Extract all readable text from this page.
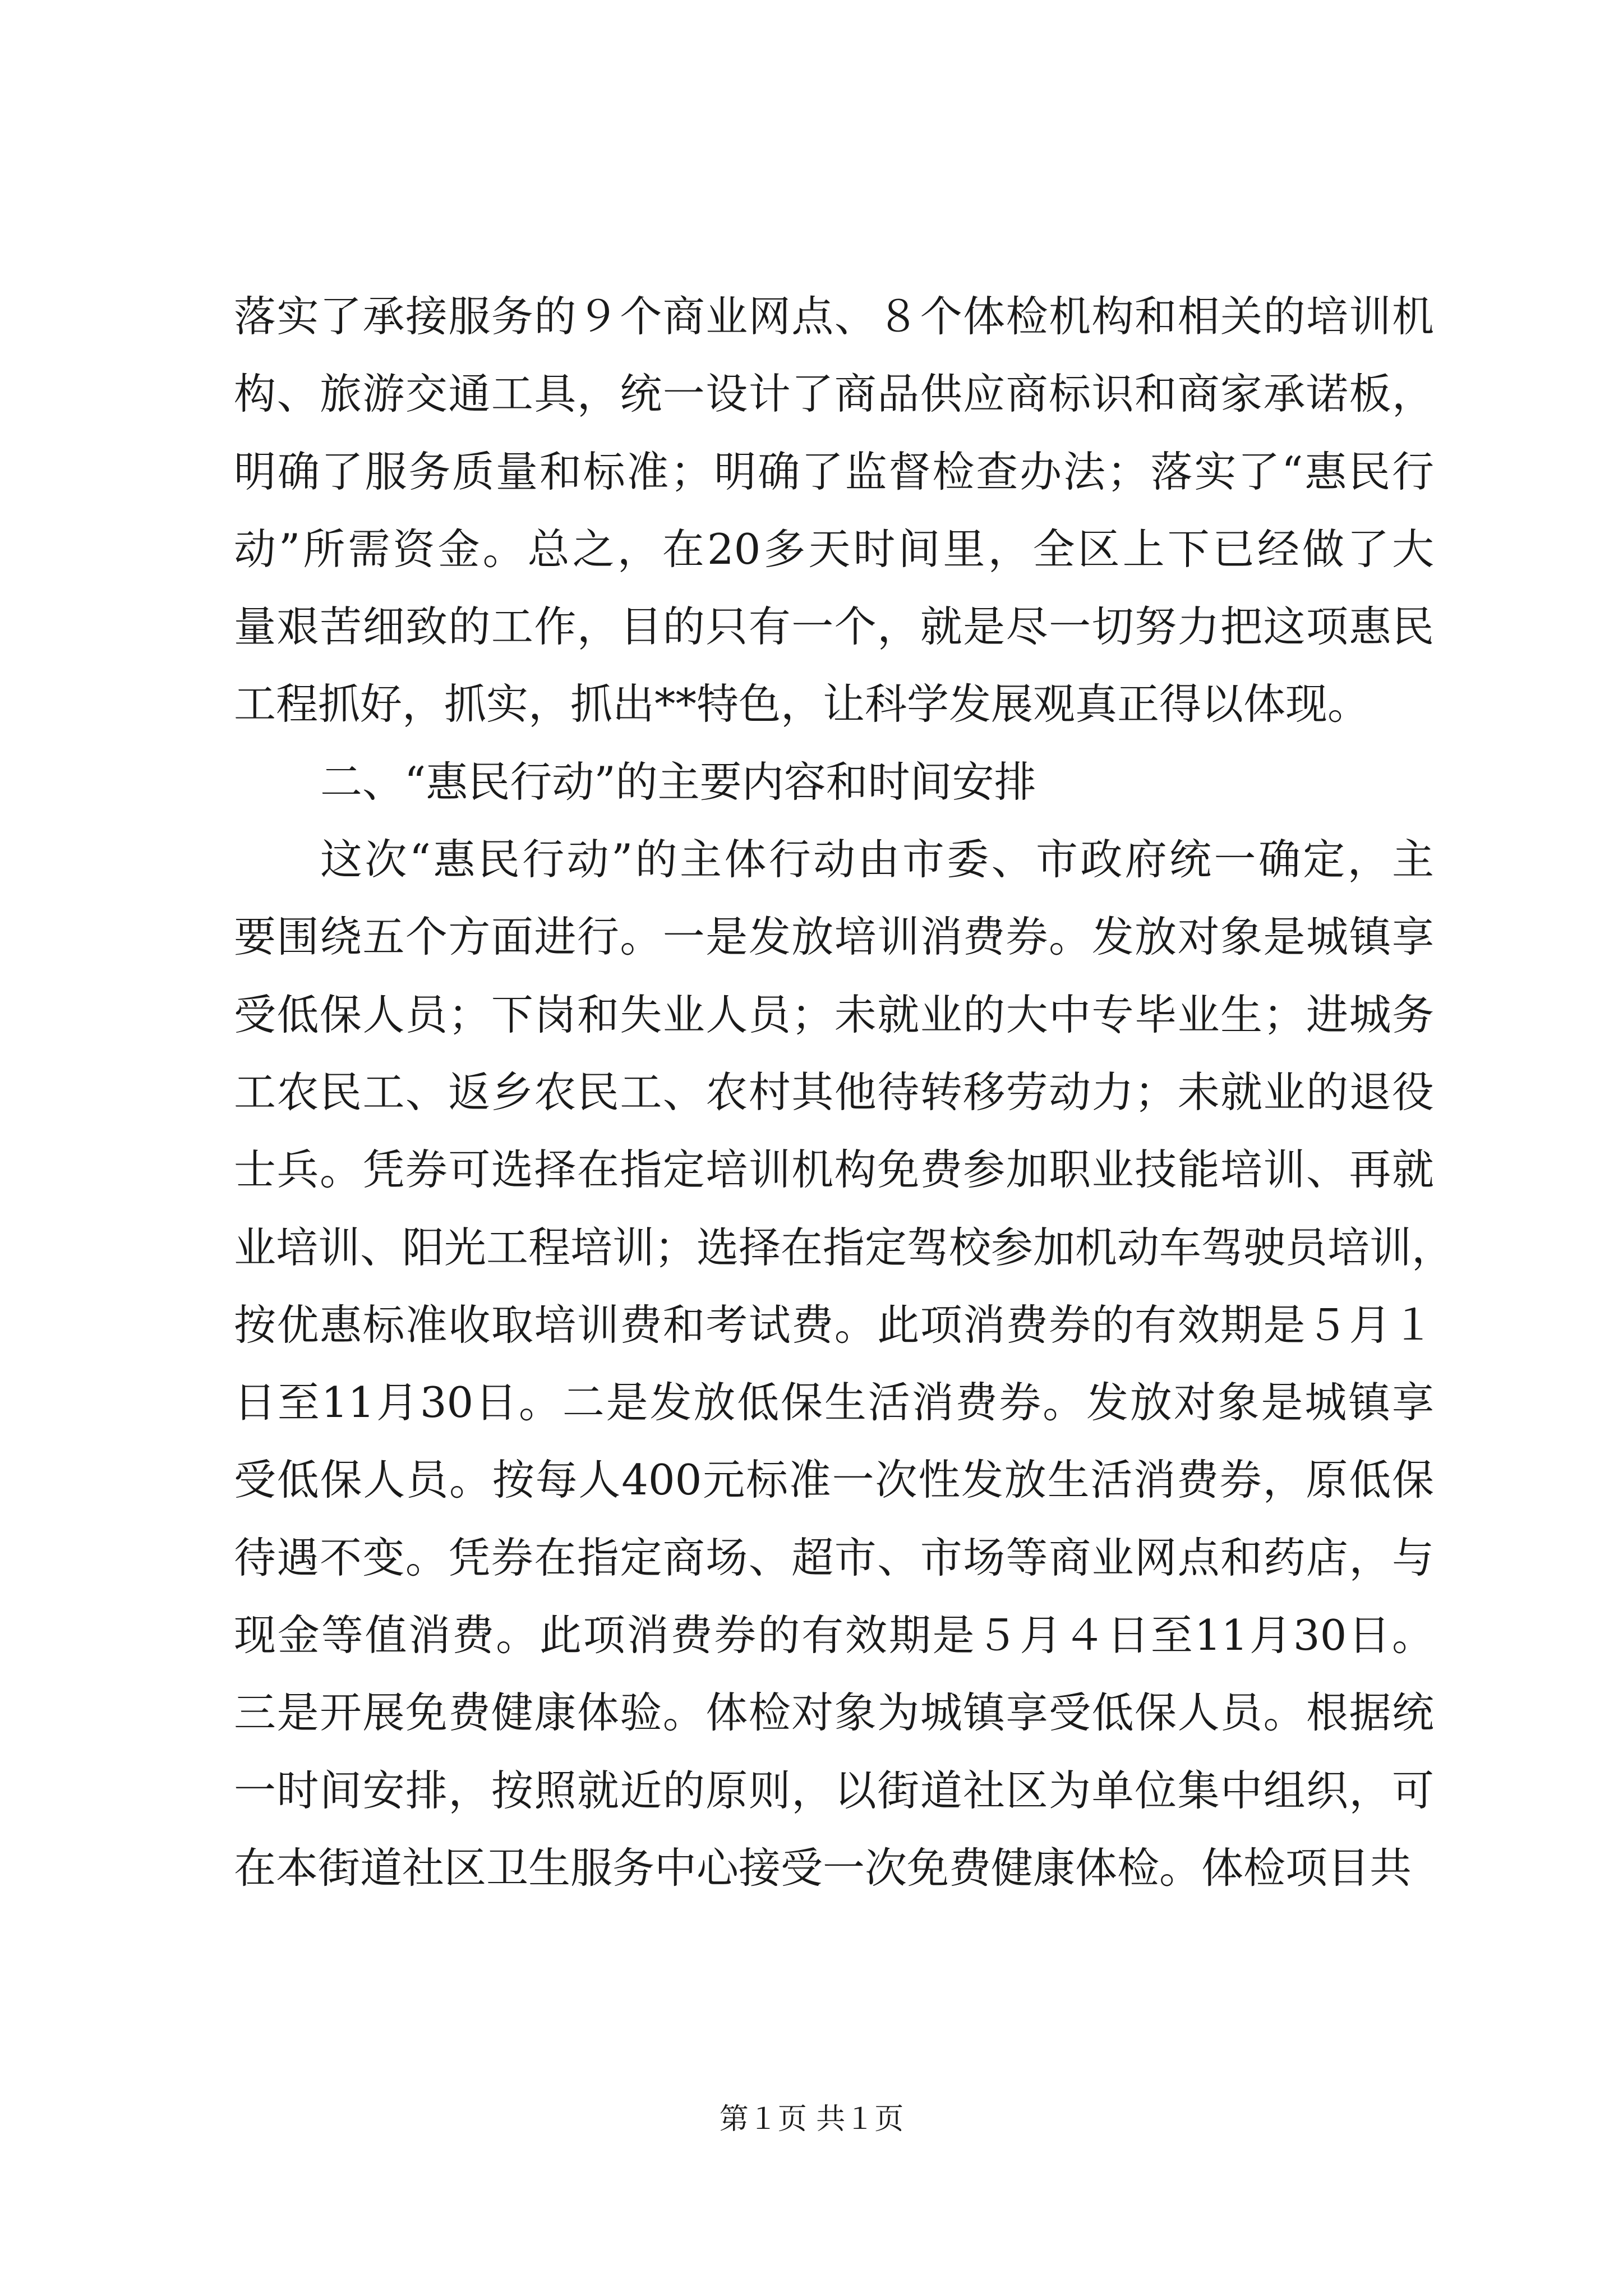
落实了承接服务的９个商业网点、８个体检机构和相关的培训机
构、旅游交通工具，统一设计了商品供应商标识和商家承诺板，
明确了服务质量和标准；明确了监督检查办法；落实了“惠民行
动”所需资金。总之，在20多天时间里，全区上下已经做了大
量艰苦细致的工作，目的只有一个，就是尽一切努力把这项惠民
工程抓好，抓实，抓出**特色，让科学发展观真正得以体现。
二、“惠民行动”的主要内容和时间安排
这次“惠民行动”的主体行动由市委、市政府统一确定，主
要围绕五个方面进行。一是发放培训消费券。发放对象是城镇享
受低保人员；下岗和失业人员；未就业的大中专毕业生；进城务
工农民工、返乡农民工、农村其他待转移劳动力；未就业的退役
士兵。凭券可选择在指定培训机构免费参加职业技能培训、再就
业培训、阳光工程培训；选择在指定驾校参加机动车驾驶员培训，
按优惠标准收取培训费和考试费。此项消费券的有效期是５月１
日至11月30日。二是发放低保生活消费券。发放对象是城镇享
受低保人员。按每人400元标准一次性发放生活消费券，原低保
待遇不变。凭券在指定商场、超市、市场等商业网点和药店，与
现金等值消费。此项消费券的有效期是５月４日至11月30日。
三是开展免费健康体验。体检对象为城镇享受低保人员。根据统
一时间安排，按照就近的原则，以街道社区为单位集中组织，可
在本街道社区卫生服务中心接受一次免费健康体检。体检项目共
第１页 共１页
